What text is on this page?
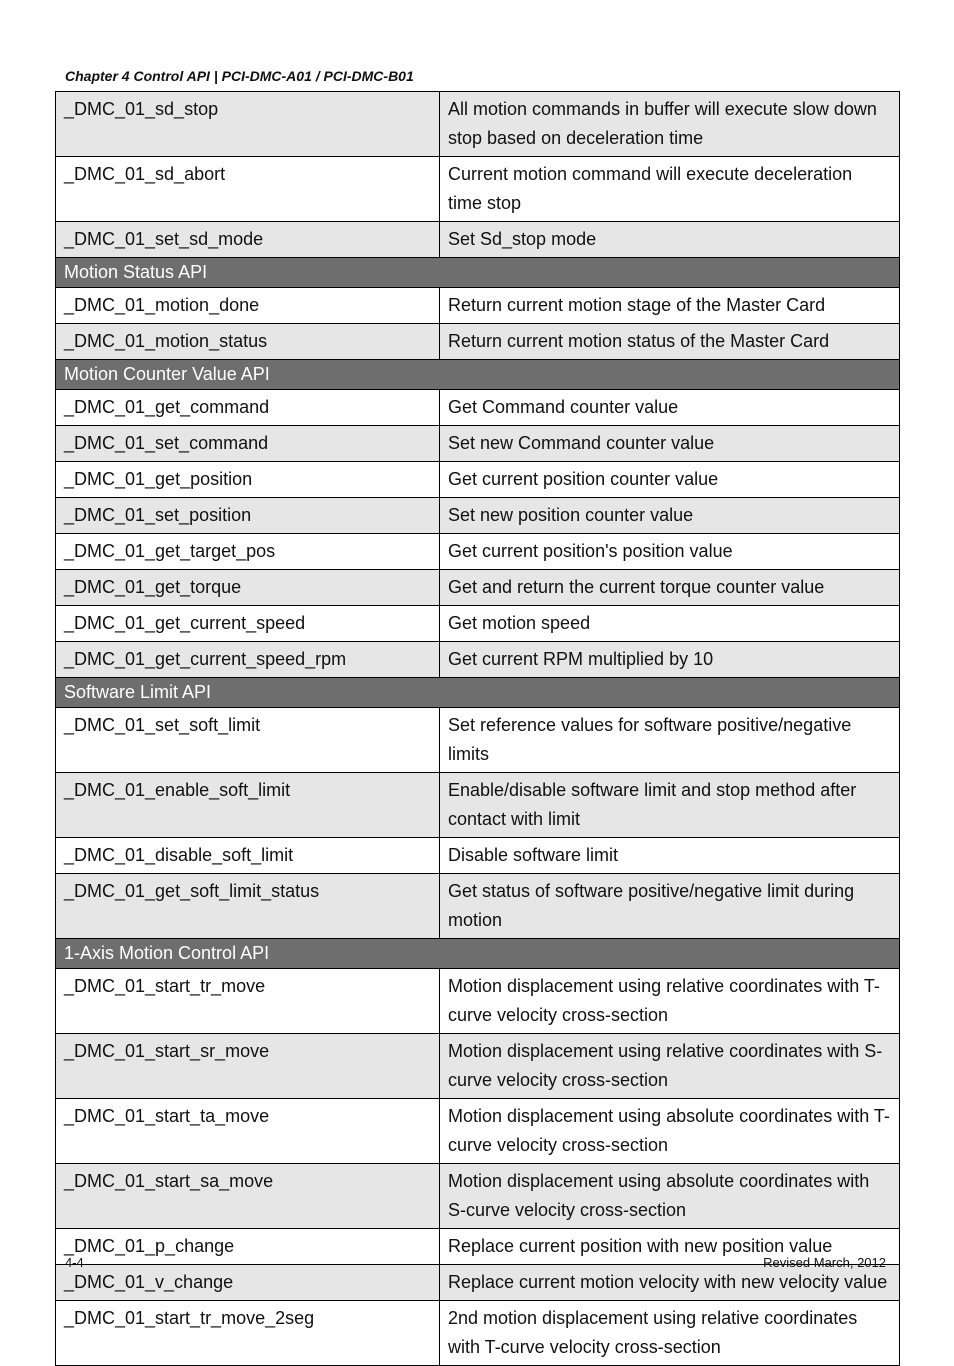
Chapter 4 Control API | PCI-DMC-A01 / PCI-DMC-B01
_DMC_01_sd_stop	All motion commands in buffer will execute slow down stop based on deceleration time
_DMC_01_sd_abort	Current motion command will execute deceleration time stop
_DMC_01_set_sd_mode	Set Sd_stop mode
Motion Status API	
_DMC_01_motion_done	Return current motion stage of the Master Card
_DMC_01_motion_status	Return current motion status of the Master Card
Motion Counter Value API	
_DMC_01_get_command	Get Command counter value
_DMC_01_set_command	Set new Command counter value
_DMC_01_get_position	Get current position counter value
_DMC_01_set_position	Set new position counter value
_DMC_01_get_target_pos	Get current position's position value
_DMC_01_get_torque	Get and return the current torque counter value
_DMC_01_get_current_speed	Get motion speed
_DMC_01_get_current_speed_rpm	Get current RPM multiplied by 10
Software Limit API	
_DMC_01_set_soft_limit	Set reference values for software positive/negative limits
_DMC_01_enable_soft_limit	Enable/disable software limit and stop method after contact with limit
_DMC_01_disable_soft_limit	Disable software limit
_DMC_01_get_soft_limit_status	Get status of software positive/negative limit during motion
1-Axis Motion Control API	
_DMC_01_start_tr_move	Motion displacement using relative coordinates with T-curve velocity cross-section
_DMC_01_start_sr_move	Motion displacement using relative coordinates with S-curve velocity cross-section
_DMC_01_start_ta_move	Motion displacement using absolute coordinates with T-curve velocity cross-section
_DMC_01_start_sa_move	Motion displacement using absolute coordinates with S-curve velocity cross-section
_DMC_01_p_change	Replace current position with new position value
_DMC_01_v_change	Replace current motion velocity with new velocity value
_DMC_01_start_tr_move_2seg	2nd motion displacement using relative coordinates with T-curve velocity cross-section
4-4	Revised March, 2012
